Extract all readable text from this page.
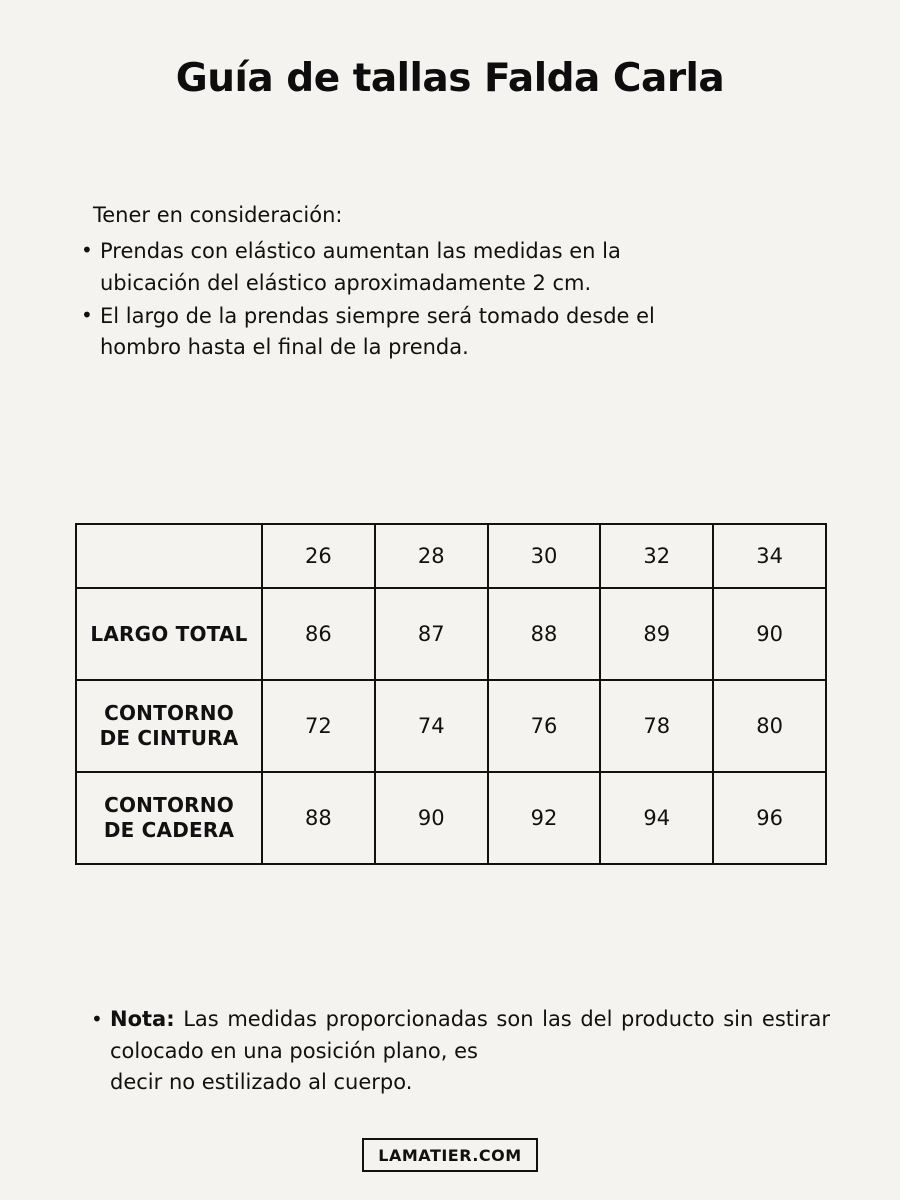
Guía de tallas Falda Carla
Tener en consideración:
• Prendas con elástico aumentan las medidas en la
ubicación del elástico aproximadamente 2 cm.
• El largo de la prendas siempre será tomado desde el
hombro hasta el final de la prenda.
	26	28	30	32	34
LARGO TOTAL	86	87	88	89	90

CONTORNO
DE CINTURA	72	74	76	78	80

CONTORNO
DE CADERA	88	90	92	94	96
• Nota: Las medidas proporcionadas son las del producto sin estirar colocado en una posición plano, es
decir no estilizado al cuerpo.
LAMATIER.COM
